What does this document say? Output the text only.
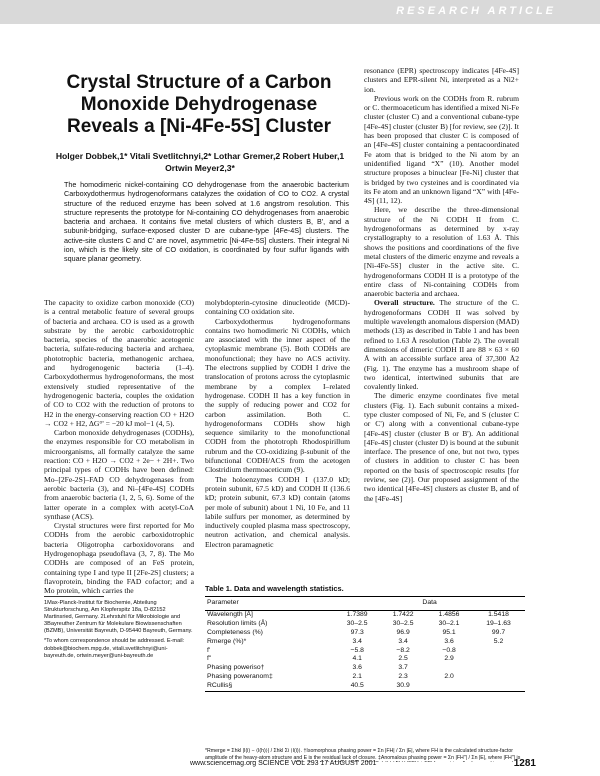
RESEARCH ARTICLE
Crystal Structure of a Carbon Monoxide Dehydrogenase Reveals a [Ni-4Fe-5S] Cluster
Holger Dobbek,1* Vitali Svetlitchnyi,2* Lothar Gremer,2 Robert Huber,1 Ortwin Meyer2,3*
The homodimeric nickel-containing CO dehydrogenase from the anaerobic bacterium Carboxydothermus hydrogenoformans catalyzes the oxidation of CO to CO2. A crystal structure of the reduced enzyme has been solved at 1.6 angstrom resolution. This structure represents the prototype for Ni-containing CO dehydrogenases from anaerobic bacteria and archaea. It contains five metal clusters of which clusters B, B', and a subunit-bridging, surface-exposed cluster D are cubane-type [4Fe-4S] clusters. The active-site clusters C and C' are novel, asymmetric [Ni-4Fe-5S] clusters. Their integral Ni ion, which is the likely site of CO oxidation, is coordinated by four sulfur ligands with square planar geometry.

The capacity to oxidize carbon monoxide (CO) is a central metabolic feature of several groups of bacteria and archaea. CO is used as a growth substrate by the aerobic carboxidotrophic bacteria, species of the anaerobic acetogenic bacteria, sulfate-reducing bacteria and archaea, phototrophic bacteria, methanogenic archaea, and hydrogenogenic bacteria (1–4). Carboxydothermus hydrogenoformans, the most extensively studied representative of the hydrogenogenic bacteria, couples the oxidation of CO to CO2 with the reduction of protons to H2 in the energy-conserving reaction CO + H2O → CO2 + H2, ΔG°' = −20 kJ mol−1 (4, 5).

Carbon monoxide dehydrogenases (CODHs), the enzymes responsible for CO metabolism in microorganisms, all formally catalyze the same reaction: CO + H2O → CO2 + 2e− + 2H+. Two principal types of CODHs have been defined: Mo–[2Fe-2S]–FAD CO dehydrogenases from aerobic bacteria (3), and Ni–[4Fe-4S] CODHs from anaerobic bacteria (1, 2, 5, 6). Some of the latter operate in a complex with acetyl-CoA synthase (ACS).

Crystal structures were first reported for Mo CODHs from the aerobic carboxidotrophic bacteria Oligotropha carboxidovorans and Hydrogenophaga pseudoflava (3, 7, 8). The Mo CODHs are composed of an FeS protein, containing type I and type II [2Fe-2S] clusters; a flavoprotein, binding the FAD cofactor; and a Mo protein, which carries the

1Max-Planck-Institut für Biochemie, Abteilung Strukturforschung, Am Klopferspitz 18a, D-82152 Martinsried, Germany. 2Lehrstuhl für Mikrobiologie and 3Bayreuther Zentrum für Molekulare Biowissenschaften (BZMB), Universität Bayreuth, D-95440 Bayreuth, Germany.

*To whom correspondence should be addressed. E-mail: dobbek@biochem.mpg.de, vitali.svetlitchnyi@uni-bayreuth.de, ortwin.meyer@uni-bayreuth.de

molybdopterin-cytosine dinucleotide (MCD)-containing CO oxidation site.

Carboxydothermus hydrogenoformans contains two homodimeric Ni CODHs, which are associated with the inner aspect of the cytoplasmic membrane (5). Both CODHs are monofunctional; they have no ACS activity. The electrons supplied by CODH I drive the translocation of protons across the cytoplasmic membrane by a complex I–related hydrogenase. CODH II has a key function in the supply of reducing power and CO2 for carbon assimilation. Both C. hydrogenoformans CODHs show high sequence similarity to the monofunctional CODH from the phototroph Rhodospirillum rubrum and the CO-oxidizing β-subunit of the bifunctional CODH/ACS from the acetogen Clostridium thermoaceticum (9).

The holoenzymes CODH I (137.0 kD; protein subunit, 67.5 kD) and CODH II (136.6 kD; protein subunit, 67.3 kD) contain (atoms per mole of subunit) about 1 Ni, 10 Fe, and 11 labile sulfurs per monomer, as determined by inductively coupled plasma mass spectroscopy, neutron activation, and chemical analysis. Electron paramagnetic

resonance (EPR) spectroscopy indicates [4Fe-4S] clusters and EPR-silent Ni, interpreted as a Ni2+ ion.

Previous work on the CODHs from R. rubrum or C. thermoaceticum has identified a mixed Ni-Fe cluster (cluster C) and a conventional cubane-type [4Fe-4S] cluster (cluster B) [for review, see (2)]. It has been proposed that cluster C is composed of an [4Fe-4S] cluster containing a pentacoordinated Fe atom that is bridged to the Ni atom by an unidentified ligand “X” (10). Another model structure proposes a binuclear [Fe-Ni] cluster that is bridged by two cysteines and is coordinated via its Fe atom and an unknown ligand “X” with [4Fe-4S] (11, 12).

Here, we describe the three-dimensional structure of the Ni CODH II from C. hydrogenoformans as determined by x-ray crystallography to a resolution of 1.63 Å. This shows the positions and coordinations of the five metal clusters of the dimeric enzyme and reveals a [Ni-4Fe-5S] cluster in the active site. C. hydrogenoformans CODH II is a prototype of the entire class of Ni-containing CODHs from anaerobic bacteria and archaea.

Overall structure. The structure of the C. hydrogenoformans CODH II was solved by multiple wavelength anomalous dispersion (MAD) methods (13) as described in Table 1 and has been refined to 1.63 Å resolution (Table 2). The overall dimensions of dimeric CODH II are 88 × 63 × 60 Å with an accessible surface area of 37,300 Å2 (Fig. 1). The enzyme has a mushroom shape of two identical, intertwined subunits that are covalently linked.

The dimeric enzyme coordinates five metal clusters (Fig. 1). Each subunit contains a mixed-type cluster composed of Ni, Fe, and S (cluster C or C') along with a conventional cubane-type [4Fe-4S] cluster (cluster B or B'). An additional [4Fe-4S] cluster (cluster D) is bound at the subunit interface. The presence of one, but not two, types of clusters in addition to cluster C has been reported on the basis of spectroscopic results [for review, see (2)]. Our proposed assignment of the two identical [4Fe-4S] clusters as cluster B, and of the [4Fe-4S]

Table 1. Data and wavelength statistics.
Parameter	Data			
Wavelength [Å]	1.7389	1.7422	1.4856	1.5418
Resolution limits (Å)	30–2.5	30–2.5	30–2.1	19–1.63
Completeness (%)	97.3	96.9	95.1	99.7
Rmerge (%)*	3.4	3.4	3.6	5.2
f'	−5.8	−8.2	−0.8	
f"	4.1	2.5	2.9	
Phasing poweriso†	3.6	3.7		
Phasing poweranom‡	2.1	2.3	2.0	
RCullis§	40.5	30.9		
*Rmerge = Σhkl |I(i) − ⟨I(h)⟩| / Σhkl Σi ⟨I(i)⟩. †Isomorphous phasing power = Σn |FH| / Σn |E|, where FH is the calculated structure-factor amplitude of the heavy-atom structure and E is the residual lack of closure. ‡Anomalous phasing power = Σn |FH''| / Σn |E|, where |FH''| is
www.sciencemag.org SCIENCE VOL 293 17 AUGUST 2001	1281
